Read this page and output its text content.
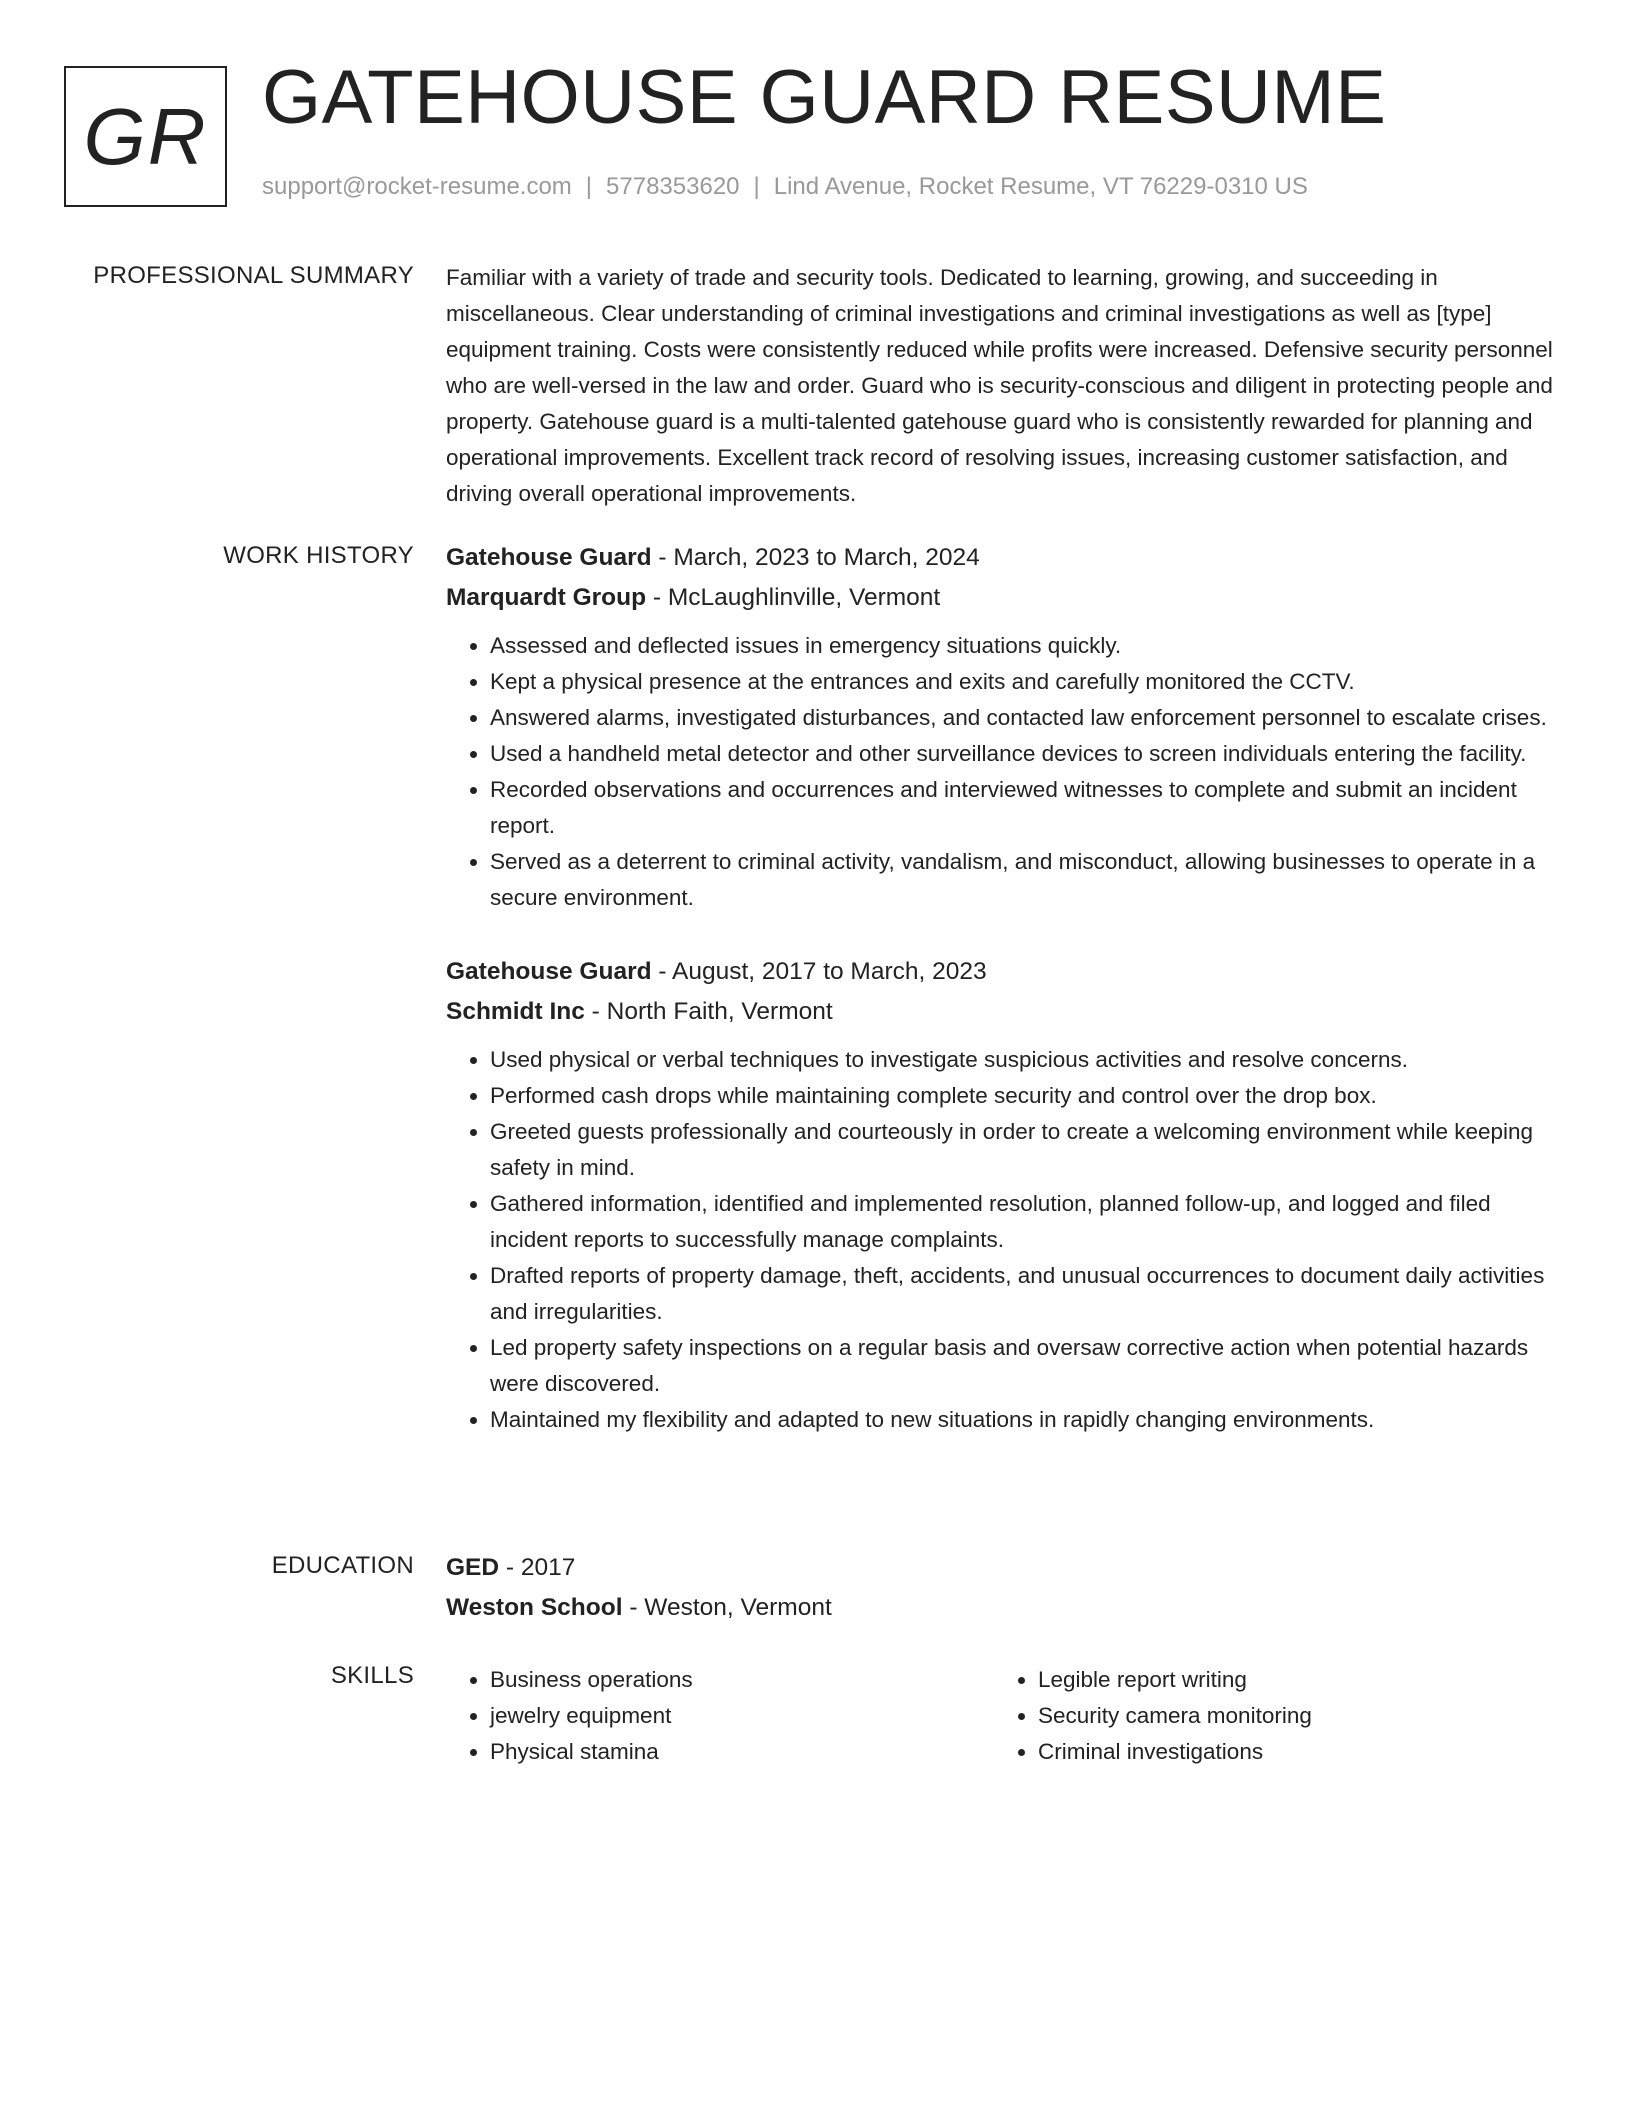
GR GATEHOUSE GUARD RESUME
support@rocket-resume.com | 5778353620 | Lind Avenue, Rocket Resume, VT 76229-0310 US
PROFESSIONAL SUMMARY Familiar with a variety of trade and security tools. Dedicated to learning, growing, and succeeding in miscellaneous. Clear understanding of criminal investigations and criminal investigations as well as [type] equipment training. Costs were consistently reduced while profits were increased. Defensive security personnel who are well-versed in the law and order. Guard who is security-conscious and diligent in protecting people and property. Gatehouse guard is a multi-talented gatehouse guard who is consistently rewarded for planning and operational improvements. Excellent track record of resolving issues, increasing customer satisfaction, and driving overall operational improvements.

WORK HISTORY Gatehouse Guard - March, 2023 to March, 2024
Marquardt Group - McLaughlinville, Vermont
• Assessed and deflected issues in emergency situations quickly.
• Kept a physical presence at the entrances and exits and carefully monitored the CCTV.
• Answered alarms, investigated disturbances, and contacted law enforcement personnel to escalate crises.
• Used a handheld metal detector and other surveillance devices to screen individuals entering the facility.
• Recorded observations and occurrences and interviewed witnesses to complete and submit an incident report.
• Served as a deterrent to criminal activity, vandalism, and misconduct, allowing businesses to operate in a secure environment.
Gatehouse Guard - August, 2017 to March, 2023
Schmidt Inc - North Faith, Vermont
• Used physical or verbal techniques to investigate suspicious activities and resolve concerns.
• Performed cash drops while maintaining complete security and control over the drop box.
• Greeted guests professionally and courteously in order to create a welcoming environment while keeping safety in mind.
• Gathered information, identified and implemented resolution, planned follow-up, and logged and filed incident reports to successfully manage complaints.
• Drafted reports of property damage, theft, accidents, and unusual occurrences to document daily activities and irregularities.
• Led property safety inspections on a regular basis and oversaw corrective action when potential hazards were discovered.
• Maintained my flexibility and adapted to new situations in rapidly changing environments.
EDUCATION GED - 2017
Weston School - Weston, Vermont
SKILLS
•	Business operations
• jewelry equipment
• Physical stamina
• Legible report writing
• Security camera monitoring
• Criminal investigations
